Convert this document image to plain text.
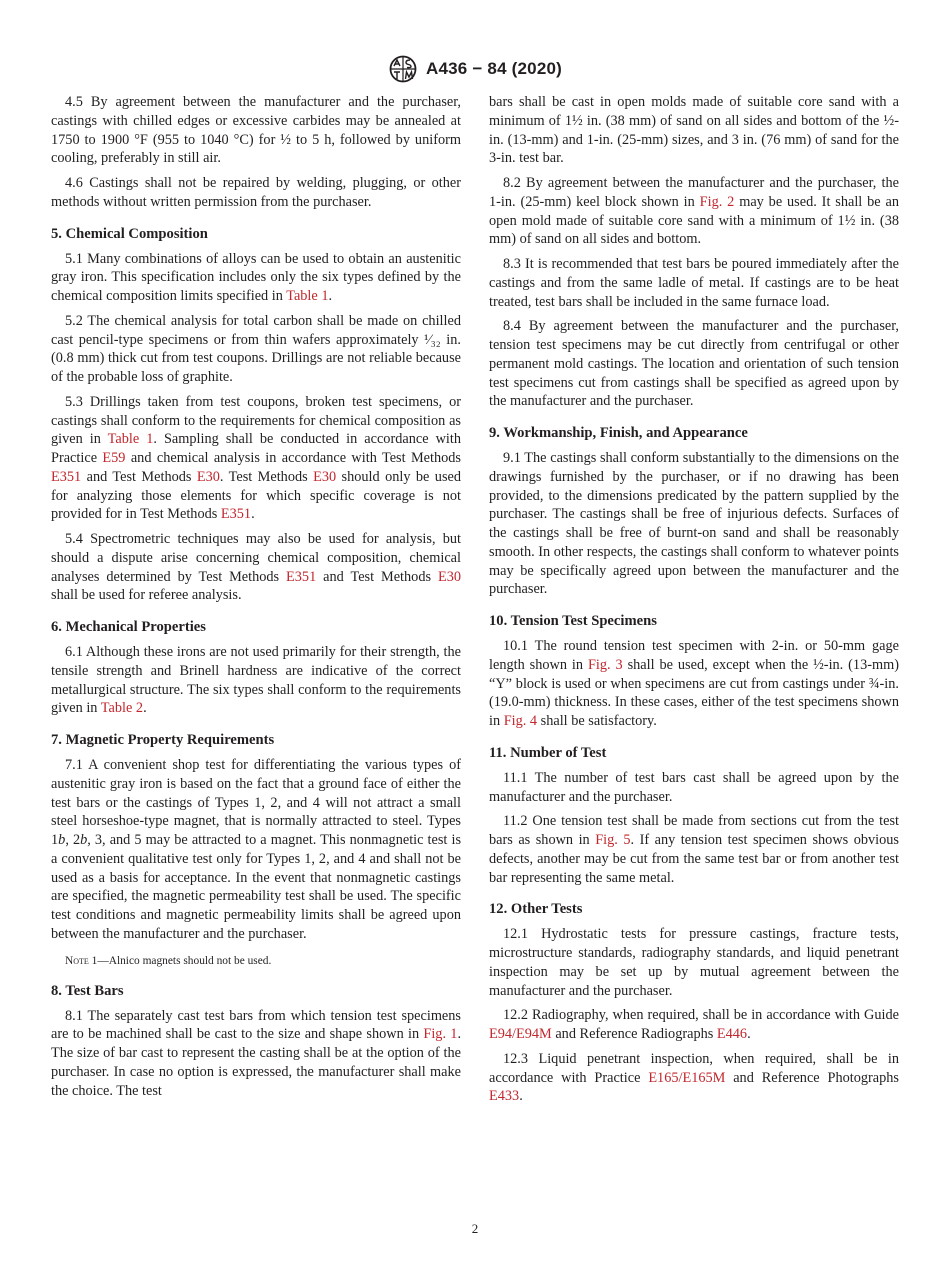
A436 − 84 (2020)

4.5 By agreement between the manufacturer and the purchaser, castings with chilled edges or excessive carbides may be annealed at 1750 to 1900 °F (955 to 1040 °C) for ½ to 5 h, followed by uniform cooling, preferably in still air.

4.6 Castings shall not be repaired by welding, plugging, or other methods without written permission from the purchaser.

5. Chemical Composition

5.1 Many combinations of alloys can be used to obtain an austenitic gray iron. This specification includes only the six types defined by the chemical composition limits specified in Table 1.

5.2 The chemical analysis for total carbon shall be made on chilled cast pencil-type specimens or from thin wafers approximately ¹⁄₃₂ in. (0.8 mm) thick cut from test coupons. Drillings are not reliable because of the probable loss of graphite.

5.3 Drillings taken from test coupons, broken test specimens, or castings shall conform to the requirements for chemical composition as given in Table 1. Sampling shall be conducted in accordance with Practice E59 and chemical analysis in accordance with Test Methods E351 and Test Methods E30. Test Methods E30 should only be used for analyzing those elements for which specific coverage is not provided for in Test Methods E351.

5.4 Spectrometric techniques may also be used for analysis, but should a dispute arise concerning chemical composition, chemical analyses determined by Test Methods E351 and Test Methods E30 shall be used for referee analysis.

6. Mechanical Properties

6.1 Although these irons are not used primarily for their strength, the tensile strength and Brinell hardness are indicative of the correct metallurgical structure. The six types shall conform to the requirements given in Table 2.

7. Magnetic Property Requirements

7.1 A convenient shop test for differentiating the various types of austenitic gray iron is based on the fact that a ground face of either the test bars or the castings of Types 1, 2, and 4 will not attract a small steel horseshoe-type magnet, that is normally attracted to steel. Types 1b, 2b, 3, and 5 may be attracted to a magnet. This nonmagnetic test is a convenient qualitative test only for Types 1, 2, and 4 and shall not be used as a basis for acceptance. In the event that nonmagnetic castings are specified, the magnetic permeability test shall be used. The specific test conditions and magnetic permeability limits shall be agreed upon between the manufacturer and the purchaser.

Note 1—Alnico magnets should not be used.

8. Test Bars

8.1 The separately cast test bars from which tension test specimens are to be machined shall be cast to the size and shape shown in Fig. 1. The size of bar cast to represent the casting shall be at the option of the purchaser. In case no option is expressed, the manufacturer shall make the choice. The test

bars shall be cast in open molds made of suitable core sand with a minimum of 1½ in. (38 mm) of sand on all sides and bottom of the ½-in. (13-mm) and 1-in. (25-mm) sizes, and 3 in. (76 mm) of sand for the 3-in. test bar.

8.2 By agreement between the manufacturer and the purchaser, the 1-in. (25-mm) keel block shown in Fig. 2 may be used. It shall be an open mold made of suitable core sand with a minimum of 1½ in. (38 mm) of sand on all sides and bottom.

8.3 It is recommended that test bars be poured immediately after the castings and from the same ladle of metal. If castings are to be heat treated, test bars shall be included in the same furnace load.

8.4 By agreement between the manufacturer and the purchaser, tension test specimens may be cut directly from centrifugal or other permanent mold castings. The location and orientation of such tension test specimens cut from castings shall be specified as agreed upon by the manufacturer and the purchaser.

9. Workmanship, Finish, and Appearance

9.1 The castings shall conform substantially to the dimensions on the drawings furnished by the purchaser, or if no drawing has been provided, to the dimensions predicated by the pattern supplied by the purchaser. The castings shall be free of injurious defects. Surfaces of the castings shall be free of burnt-on sand and shall be reasonably smooth. In other respects, the castings shall conform to whatever points may be specifically agreed upon between the manufacturer and the purchaser.

10. Tension Test Specimens

10.1 The round tension test specimen with 2-in. or 50-mm gage length shown in Fig. 3 shall be used, except when the ½-in. (13-mm) “Y” block is used or when specimens are cut from castings under ¾-in. (19.0-mm) thickness. In these cases, either of the test specimens shown in Fig. 4 shall be satisfactory.

11. Number of Test

11.1 The number of test bars cast shall be agreed upon by the manufacturer and the purchaser.

11.2 One tension test shall be made from sections cut from the test bars as shown in Fig. 5. If any tension test specimen shows obvious defects, another may be cut from the same test bar or from another test bar representing the same metal.

12. Other Tests

12.1 Hydrostatic tests for pressure castings, fracture tests, microstructure standards, radiography standards, and liquid penetrant inspection may be set up by mutual agreement between the manufacturer and the purchaser.

12.2 Radiography, when required, shall be in accordance with Guide E94/E94M and Reference Radiographs E446.

12.3 Liquid penetrant inspection, when required, shall be in accordance with Practice E165/E165M and Reference Photographs E433.

2
